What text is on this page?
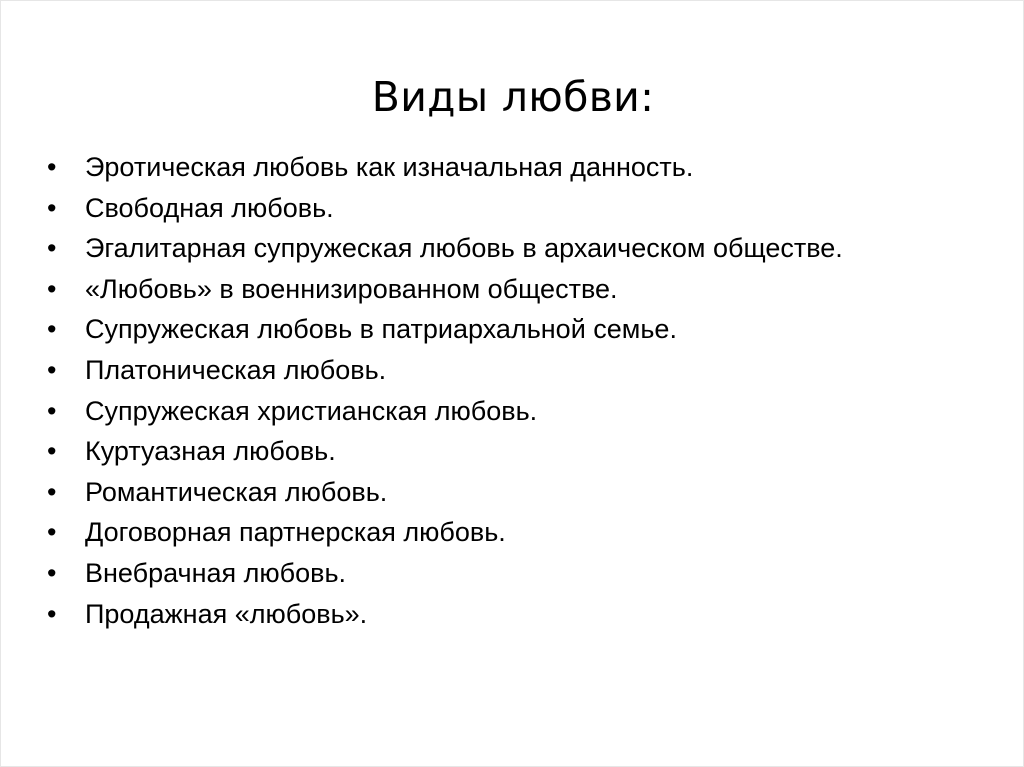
Виды любви:
• Эротическая любовь как изначальная данность.
• Свободная любовь.
• Эгалитарная супружеская любовь в архаическом обществе.
• «Любовь» в военнизированном обществе.
• Супружеская любовь в патриархальной семье.
• Платоническая любовь.
• Супружеская христианская любовь.
• Куртуазная любовь.
• Романтическая любовь.
• Договорная партнерская любовь.
• Внебрачная любовь.
• Продажная «любовь».
